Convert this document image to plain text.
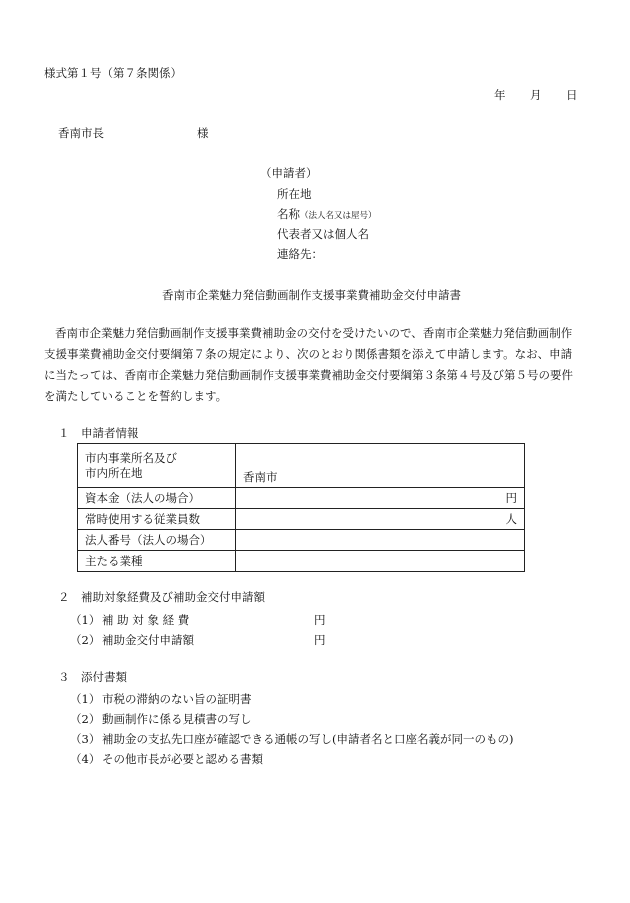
様式第１号（第７条関係）
年　　月　　日
香南市長	様
（申請者）
所在地
名称（法人名又は屋号）
代表者又は個人名
連絡先：
香南市企業魅力発信動画制作支援事業費補助金交付申請書
香南市企業魅力発信動画制作支援事業費補助金の交付を受けたいので、香南市企業魅力発信動画制作
支援事業費補助金交付要綱第７条の規定により、次のとおり関係書類を添えて申請します。なお、申請
に当たっては、香南市企業魅力発信動画制作支援事業費補助金交付要綱第３条第４号及び第５号の要件
を満たしていることを誓約します。
１　申請者情報
市内事業所名及び
市内所在地	香南市
資本金（法人の場合）	円
常時使用する従業員数	人
法人番号（法人の場合）	
主たる業種	
２　補助対象経費及び補助金交付申請額
（1） 補 助 対 象 経 費	円
（2） 補助金交付申請額	円
３　添付書類
（1） 市税の滞納のない旨の証明書
（2） 動画制作に係る見積書の写し
（3） 補助金の支払先口座が確認できる通帳の写し(申請者名と口座名義が同一のもの)
（4） その他市長が必要と認める書類
